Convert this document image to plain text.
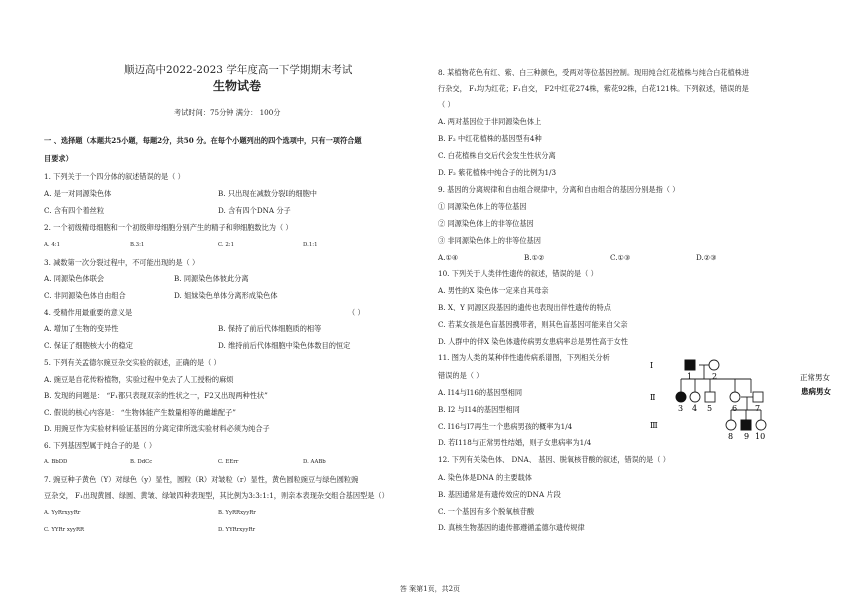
顺迈高中2022-2023 学年度高一下学期期末考试
生物试卷
考试时间：75分钟 满分： 100分
一 、选择题（本题共25小题，每题2分，共50 分。在每个小题列出的四个选项中，只有一项符合题
目要求）
1. 下列关于一个四分体的叙述错误的是（ ）
A. 是一对同源染色体	B. 只出现在减数分裂Ⅰ的细胞中
C. 含有四个着丝粒	D. 含有四个DNA 分子
2. 一个初级精母细胞和一个初级卵母细胞分别产生的精子和卵细胞数比为（ ）
A. 4:1	B.3:1	C. 2:1	D.1:1
3. 减数第一次分裂过程中，不可能出现的是（ ）
A. 同源染色体联会	B. 同源染色体彼此分离
C. 非同源染色体自由组合	D. 姐妹染色单体分离形成染色体
4. 受精作用最重要的意义是	（ ）
A. 增加了生物的变异性	B. 保持了前后代体细胞质的相等
C. 保证了细胞核大小的稳定	D. 维持前后代体细胞中染色体数目的恒定
5. 下列有关孟德尔豌豆杂交实验的叙述，正确的是（ ）
A. 豌豆是自花传粉植物，实验过程中免去了人工授粉的麻烦
B. 发现的问题是： “F₁都只表现双亲的性状之一，F2又出现两种性状”
C. 假说的核心内容是： “生物体能产生数量相等的雌雄配子”
D. 用豌豆作为实验材料验证基因的分离定律所选实验材料必须为纯合子
6. 下列基因型属于纯合子的是（ ）
A. BbDD	B. DdCc	C. EErr	D. AABb
7. 豌豆种子黄色（Y）对绿色（y）显性，圆粒（R）对皱粒（r）显性，黄色圆粒豌豆与绿色圆粒豌
豆杂交， F₁出现黄圆、绿圆、黄皱、绿皱四种表现型，其比例为3:3:1:1，则亲本表现杂交组合基因型是（）
A. YyRrxyyRr	B. YyRRxyyRr
C. YYRr xyyRR	D. YYRrxyyRr
8. 某植物花色有红、紫、白三种颜色，受两对等位基因控制。现用纯合红花植株与纯合白花植株进
行杂交， F₁均为红花；F₁自交， F2中红花274株，紫花92株，白花121株。下列叙述，错误的是
（ ）
A. 两对基因位于非同源染色体上
B. F₂ 中红花植株的基因型有4种
C. 白花植株自交后代会发生性状分离
D. F₂ 紫花植株中纯合子的比例为1/3
9. 基因的分离规律和自由组合规律中，分离和自由组合的基因分别是指（ ）
① 同源染色体上的等位基因
② 同源染色体上的非等位基因
③ 非同源染色体上的非等位基因
A.①④	B.①②	C.①③	D.②③
10. 下列关于人类伴性遗传的叙述，错误的是（ ）
A. 男性的X 染色体一定来自其母亲
B. X、Y 同源区段基因的遗传也表现出伴性遗传的特点
C. 若某女孩是色盲基因携带者，则其色盲基因可能来自父亲
D. 人群中的伴X 染色体遗传病男女患病率总是男性高于女性
11. 图为人类的某种伴性遗传病系谱图，下列相关分析
错误的是（ ）
A. Ⅰ14与Ⅰ16的基因型相同
B. Ⅰ2 与Ⅰ14的基因型相同
C. Ⅰ16与Ⅰ7再生一个患病男孩的概率为1/4
D. 若Ⅰ118与正常男性结婚，则子女患病率为1/4
12. 下列有关染色体、 DNA、 基因、脱氧核苷酸的叙述，错误的是（ ）
A. 染色体是DNA 的主要载体
B. 基因通常是有遗传效应的DNA 片段
C. 一个基因有多个脱氧核苷酸
D. 真核生物基因的遗传都遵循孟德尔遗传规律
Ⅰ
Ⅱ
Ⅲ
1 2
3 4 5 6 7
8 9 10
正常男女
患病男女
答 案第1页，共2页
